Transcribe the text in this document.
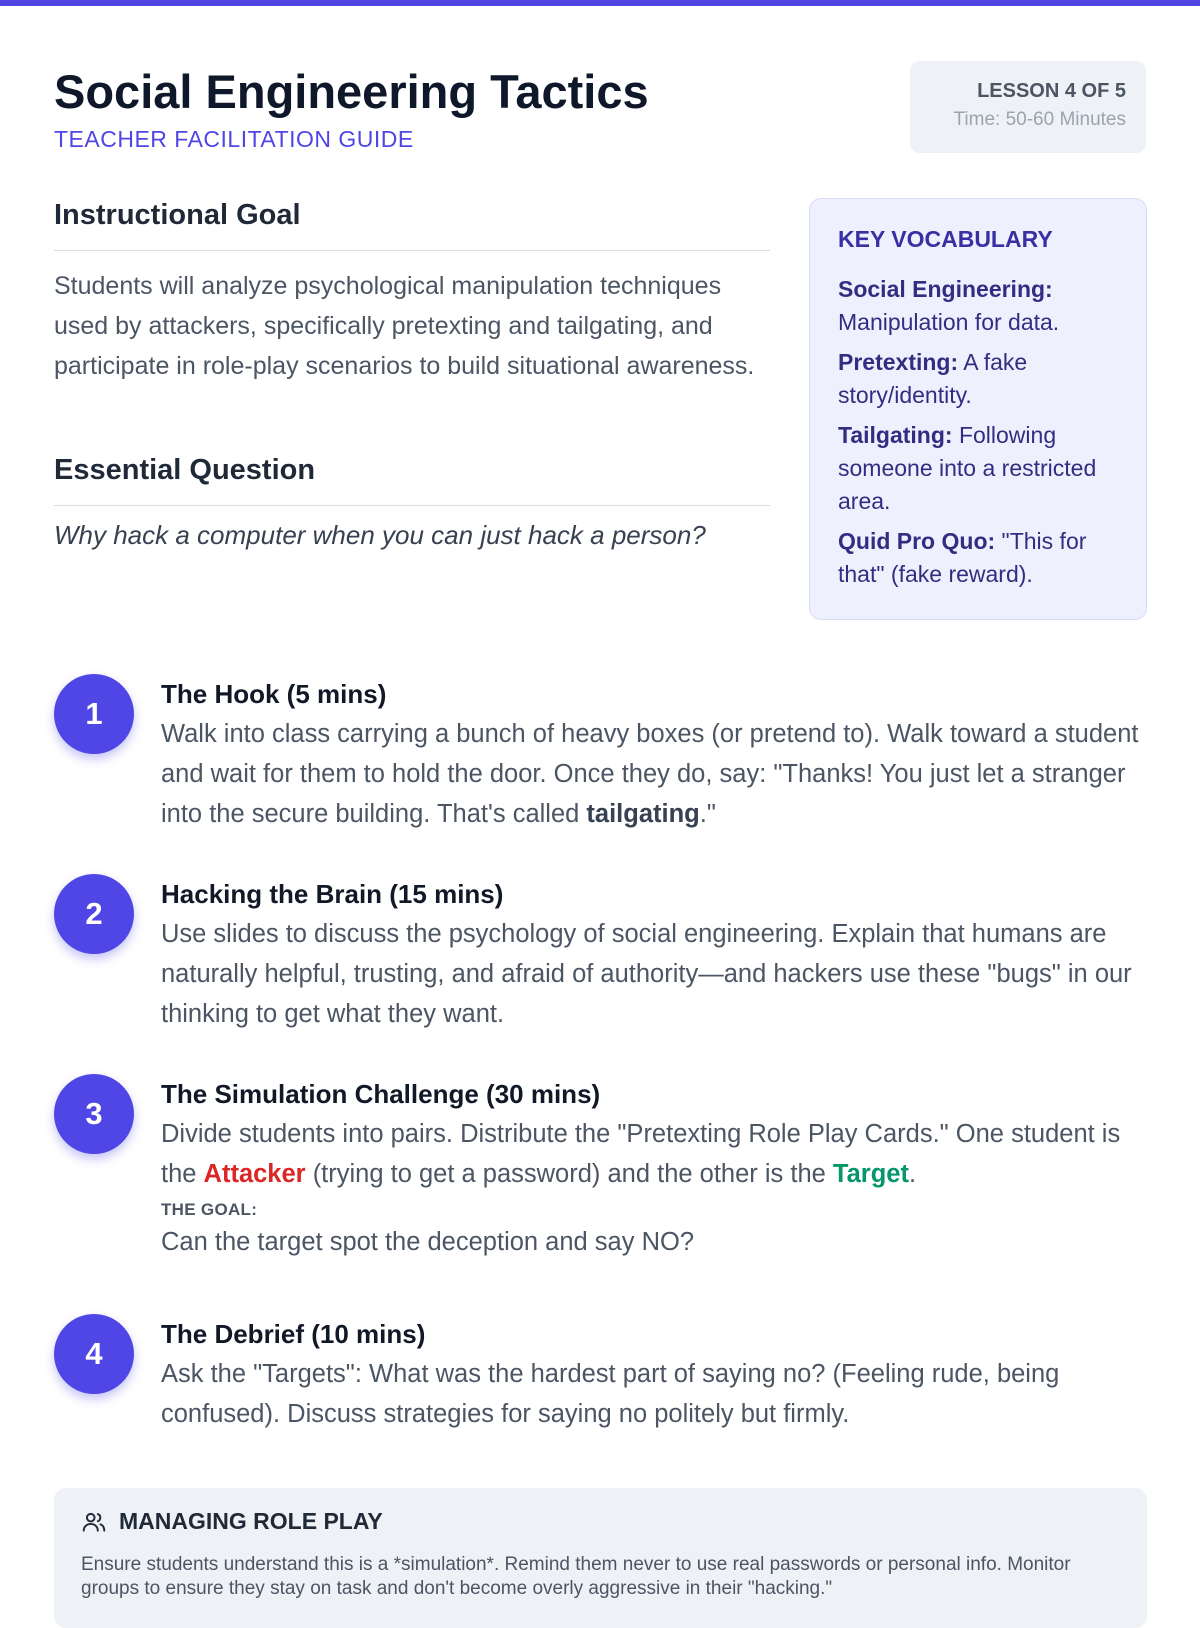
Social Engineering Tactics
TEACHER FACILITATION GUIDE
LESSON 4 OF 5
Time: 50-60 Minutes
Instructional Goal
Students will analyze psychological manipulation techniques used by attackers, specifically pretexting and tailgating, and participate in role-play scenarios to build situational awareness.
Essential Question
Why hack a computer when you can just hack a person?
KEY VOCABULARY
Social Engineering: Manipulation for data.
Pretexting: A fake story/identity.
Tailgating: Following someone into a restricted area.
Quid Pro Quo: "This for that" (fake reward).
1
The Hook (5 mins)
Walk into class carrying a bunch of heavy boxes (or pretend to). Walk toward a student and wait for them to hold the door. Once they do, say: "Thanks! You just let a stranger into the secure building. That's called tailgating."
2
Hacking the Brain (15 mins)
Use slides to discuss the psychology of social engineering. Explain that humans are naturally helpful, trusting, and afraid of authority—and hackers use these "bugs" in our thinking to get what they want.
3
The Simulation Challenge (30 mins)
Divide students into pairs. Distribute the "Pretexting Role Play Cards." One student is the Attacker (trying to get a password) and the other is the Target.
THE GOAL:
Can the target spot the deception and say NO?
4
The Debrief (10 mins)
Ask the "Targets": What was the hardest part of saying no? (Feeling rude, being confused). Discuss strategies for saying no politely but firmly.
MANAGING ROLE PLAY
Ensure students understand this is a *simulation*. Remind them never to use real passwords or personal info. Monitor groups to ensure they stay on task and don't become overly aggressive in their "hacking."
